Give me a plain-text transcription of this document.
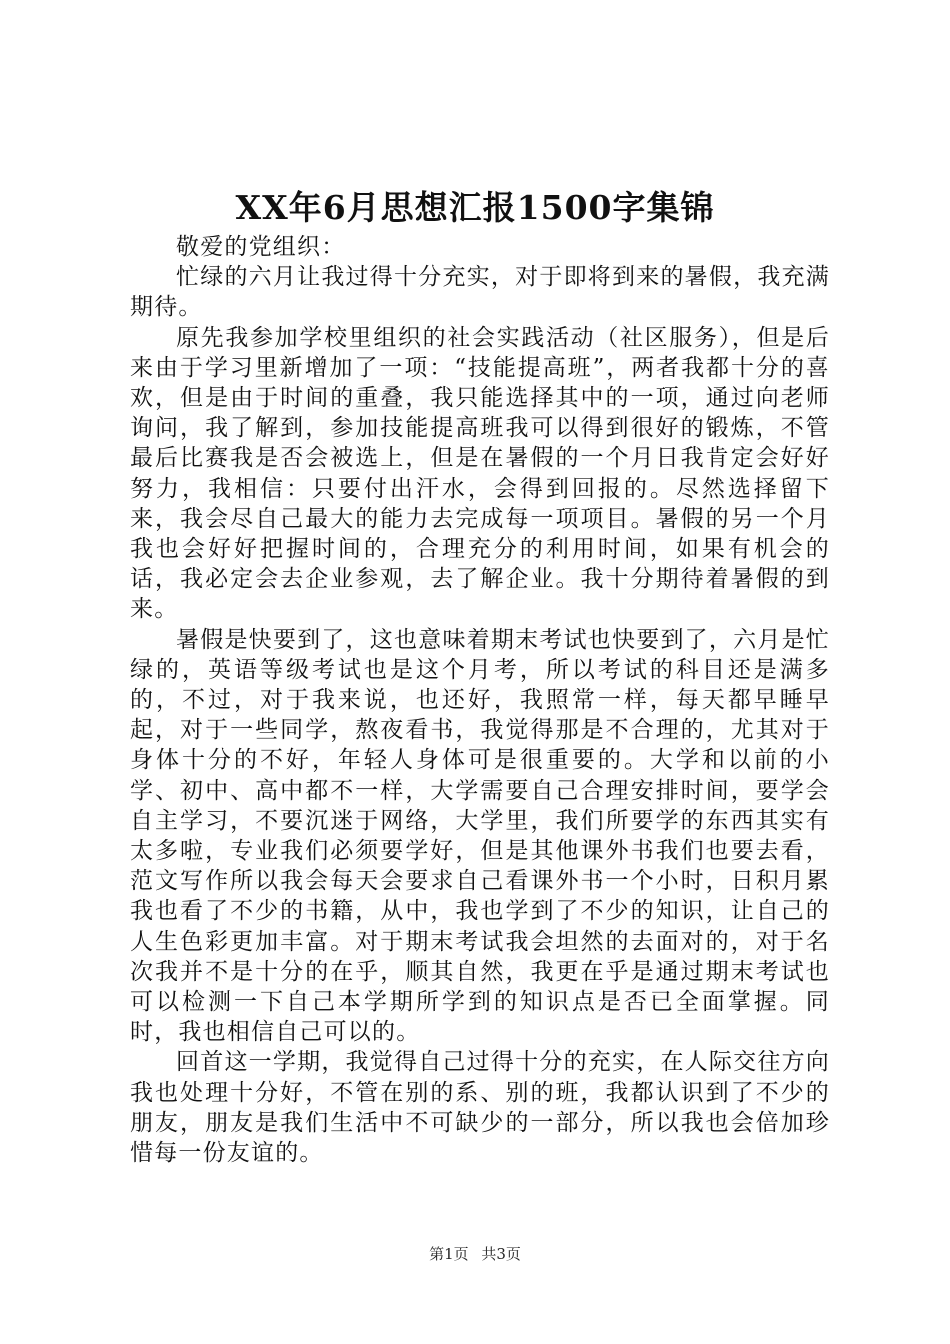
XX年6月思想汇报1500字集锦

敬爱的党组织：

忙绿的六月让我过得十分充实，对于即将到来的暑假，我充满期待。

原先我参加学校里组织的社会实践活动（社区服务），但是后来由于学习里新增加了一项：“技能提高班”，两者我都十分的喜欢，但是由于时间的重叠，我只能选择其中的一项，通过向老师询问，我了解到，参加技能提高班我可以得到很好的锻炼，不管最后比赛我是否会被选上，但是在暑假的一个月日我肯定会好好努力，我相信：只要付出汗水，会得到回报的。尽然选择留下来，我会尽自己最大的能力去完成每一项项目。暑假的另一个月我也会好好把握时间的，合理充分的利用时间，如果有机会的话，我必定会去企业参观，去了解企业。我十分期待着暑假的到来。

暑假是快要到了，这也意味着期末考试也快要到了，六月是忙绿的，英语等级考试也是这个月考，所以考试的科目还是满多的，不过，对于我来说，也还好，我照常一样，每天都早睡早起，对于一些同学，熬夜看书，我觉得那是不合理的，尤其对于身体十分的不好，年轻人身体可是很重要的。大学和以前的小学、初中、高中都不一样，大学需要自己合理安排时间，要学会自主学习，不要沉迷于网络，大学里，我们所要学的东西其实有太多啦，专业我们必须要学好，但是其他课外书我们也要去看，范文写作所以我会每天会要求自己看课外书一个小时，日积月累我也看了不少的书籍，从中，我也学到了不少的知识，让自己的人生色彩更加丰富。对于期末考试我会坦然的去面对的，对于名次我并不是十分的在乎，顺其自然，我更在乎是通过期末考试也可以检测一下自己本学期所学到的知识点是否已全面掌握。同时，我也相信自己可以的。

回首这一学期，我觉得自己过得十分的充实，在人际交往方向我也处理十分好，不管在别的系、别的班，我都认识到了不少的朋友，朋友是我们生活中不可缺少的一部分，所以我也会倍加珍惜每一份友谊的。

第1页 共3页
